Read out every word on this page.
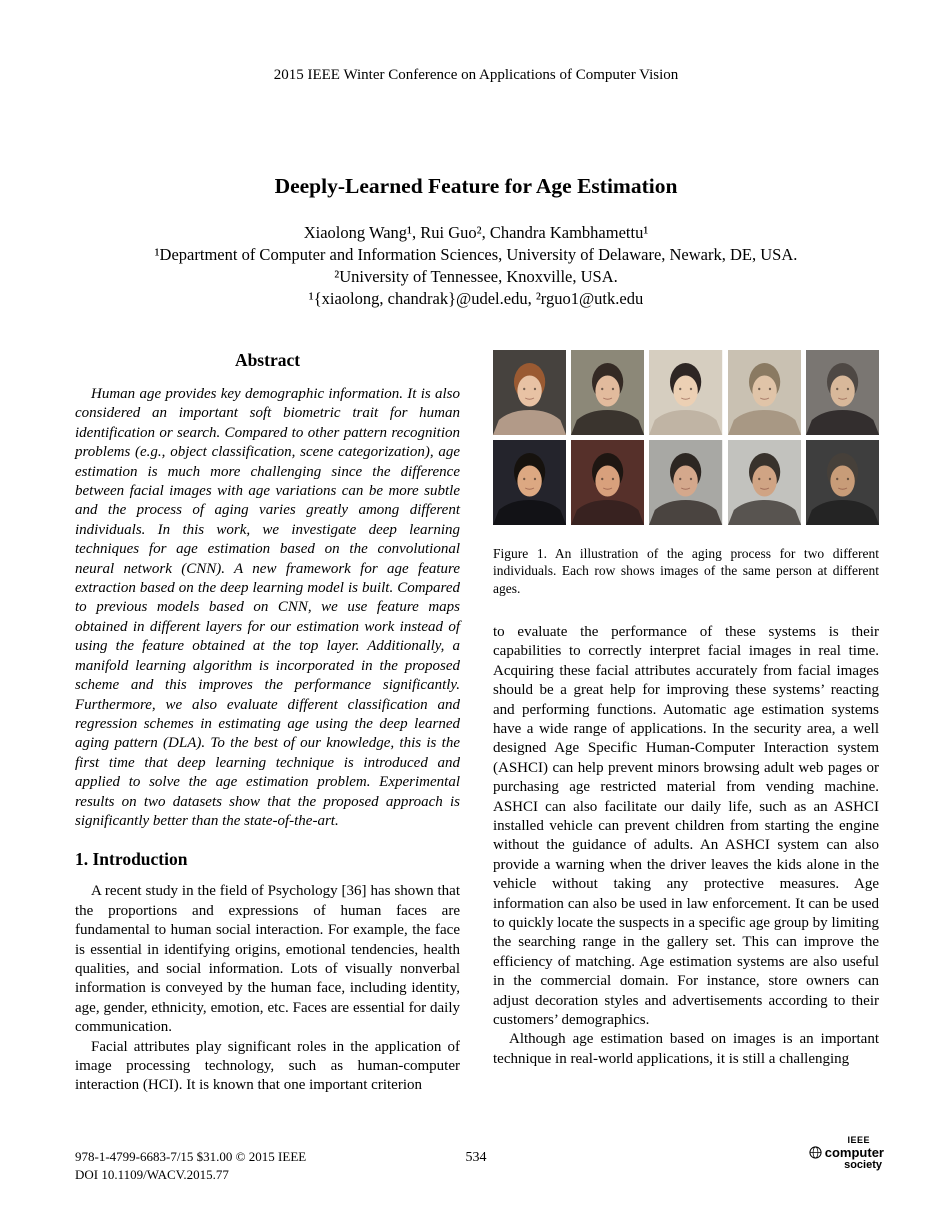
2015 IEEE Winter Conference on Applications of Computer Vision
Deeply-Learned Feature for Age Estimation

Xiaolong Wang¹, Rui Guo², Chandra Kambhamettu¹

¹Department of Computer and Information Sciences, University of Delaware, Newark, DE, USA.

²University of Tennessee, Knoxville, USA.

¹{xiaolong, chandrak}@udel.edu, ²rguo1@utk.edu

Abstract

Human age provides key demographic information. It is also considered an important soft biometric trait for human identification or search. Compared to other pattern recognition problems (e.g., object classification, scene categorization), age estimation is much more challenging since the difference between facial images with age variations can be more subtle and the process of aging varies greatly among different individuals. In this work, we investigate deep learning techniques for age estimation based on the convolutional neural network (CNN). A new framework for age feature extraction based on the deep learning model is built. Compared to previous models based on CNN, we use feature maps obtained in different layers for our estimation work instead of using the feature obtained at the top layer. Additionally, a manifold learning algorithm is incorporated in the proposed scheme and this improves the performance significantly. Furthermore, we also evaluate different classification and regression schemes in estimating age using the deep learned aging pattern (DLA). To the best of our knowledge, this is the first time that deep learning technique is introduced and applied to solve the age estimation problem. Experimental results on two datasets show that the proposed approach is significantly better than the state-of-the-art.

1. Introduction

A recent study in the field of Psychology [36] has shown that the proportions and expressions of human faces are fundamental to human social interaction. For example, the face is essential in identifying origins, emotional tendencies, health qualities, and social information. Lots of visually nonverbal information is conveyed by the human face, including identity, age, gender, ethnicity, emotion, etc. Faces are essential for daily communication.

Facial attributes play significant roles in the application of image processing technology, such as human-computer interaction (HCI). It is known that one important criterion

Figure 1. An illustration of the aging process for two different individuals. Each row shows images of the same person at different ages.

to evaluate the performance of these systems is their capabilities to correctly interpret facial images in real time. Acquiring these facial attributes accurately from facial images should be a great help for improving these systems’ reacting and performing functions. Automatic age estimation systems have a wide range of applications. In the security area, a well designed Age Specific Human-Computer Interaction system (ASHCI) can help prevent minors browsing adult web pages or purchasing age restricted material from vending machine. ASHCI can also facilitate our daily life, such as an ASHCI installed vehicle can prevent children from starting the engine without the guidance of adults. An ASHCI system can also provide a warning when the driver leaves the kids alone in the vehicle without taking any protective measures. Age information can also be used in law enforcement. It can be used to quickly locate the suspects in a specific age group by limiting the searching range in the gallery set. This can improve the efficiency of matching. Age estimation systems are also useful in the commercial domain. For instance, store owners can adjust decoration styles and advertisements according to their customers’ demographics.

Although age estimation based on images is an important technique in real-world applications, it is still a challenging

978-1-4799-6683-7/15 $31.00 © 2015 IEEE
DOI 10.1109/WACV.2015.77
534
IEEE
computer
society
